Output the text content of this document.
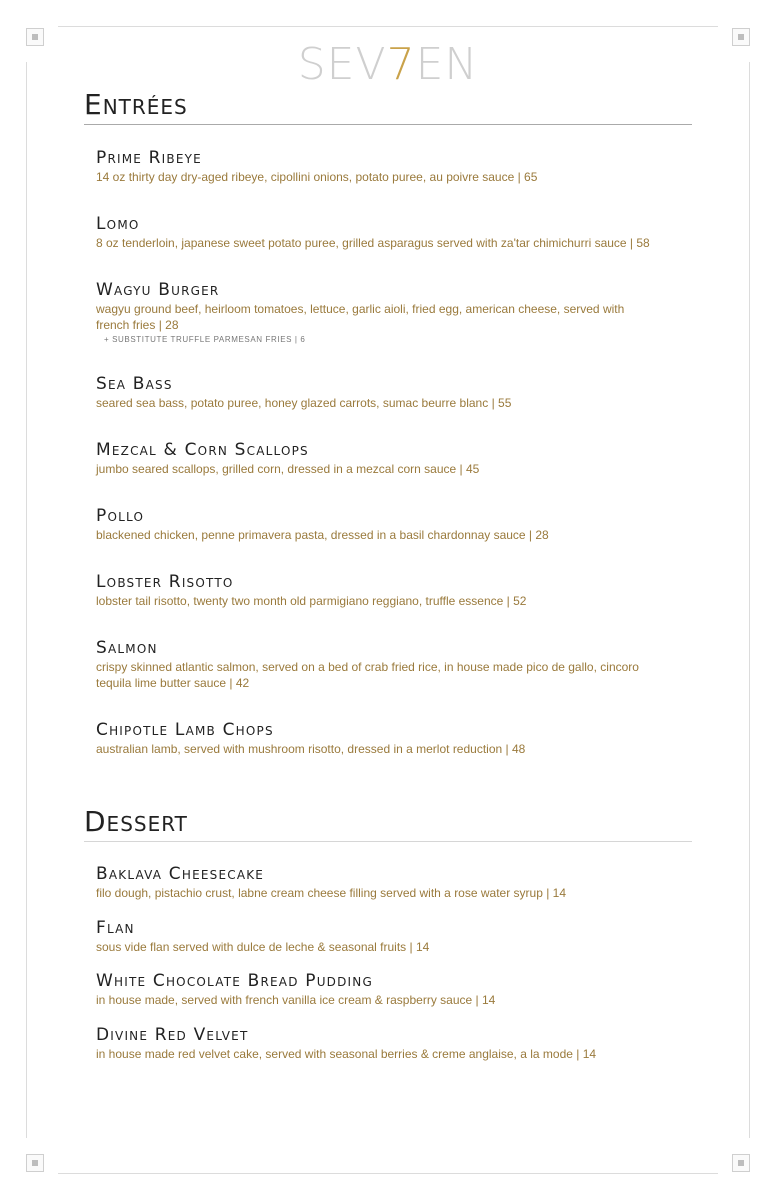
SEV7EN
Entrées
Prime Ribeye
14 oz thirty day dry-aged ribeye, cipollini onions, potato puree, au poivre sauce | 65
Lomo
8 oz tenderloin, japanese sweet potato puree, grilled asparagus served with za'tar chimichurri sauce | 58
Wagyu Burger
wagyu ground beef, heirloom tomatoes, lettuce, garlic aioli, fried egg, american cheese, served with french fries | 28
+ SUBSTITUTE TRUFFLE PARMESAN FRIES | 6
Sea Bass
seared sea bass, potato puree, honey glazed carrots, sumac beurre blanc | 55
Mezcal & Corn Scallops
jumbo seared scallops, grilled corn, dressed in a mezcal corn sauce | 45
Pollo
blackened chicken, penne primavera pasta, dressed in a basil chardonnay sauce | 28
Lobster Risotto
lobster tail risotto, twenty two month old parmigiano reggiano, truffle essence | 52
Salmon
crispy skinned atlantic salmon, served on a bed of crab fried rice, in house made pico de gallo, cincoro tequila lime butter sauce | 42
Chipotle Lamb Chops
australian lamb, served with mushroom risotto, dressed in a merlot reduction | 48
Dessert
Baklava Cheesecake
filo dough, pistachio crust, labne cream cheese filling served with a rose water syrup | 14
Flan
sous vide flan served with dulce de leche & seasonal fruits | 14
White Chocolate Bread Pudding
in house made, served with french vanilla ice cream & raspberry sauce | 14
Divine Red Velvet
in house made red velvet cake, served with seasonal berries & creme anglaise, a la mode | 14
